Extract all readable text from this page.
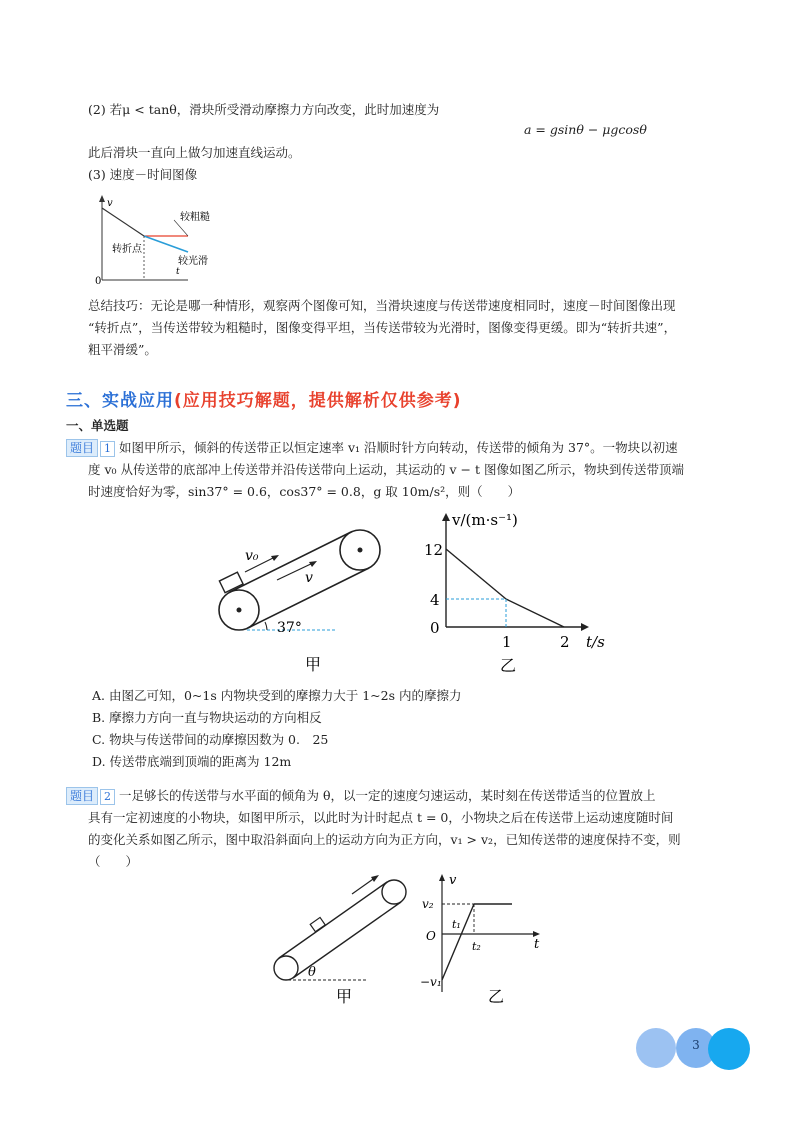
(2) 若μ < tanθ，滑块所受滑动摩擦力方向改变，此时加速度为
a = gsinθ − μgcosθ
此后滑块一直向上做匀加速直线运动。
(3) 速度－时间图像
v
0
较粗糙
转折点
较光滑
t
总结技巧：无论是哪一种情形，观察两个图像可知，当滑块速度与传送带速度相同时，速度－时间图像出现
“转折点”，当传送带较为粗糙时，图像变得平坦，当传送带较为光滑时，图像变得更缓。即为“转折共速”，
粗平滑缓”。
三、实战应用(应用技巧解题，提供解析仅供参考)
一、单选题
题目 1 如图甲所示，倾斜的传送带正以恒定速率 v₁ 沿顺时针方向转动，传送带的倾角为 37°。一物块以初速
度 v₀ 从传送带的底部冲上传送带并沿传送带向上运动，其运动的 v − t 图像如图乙所示，物块到传送带顶端
时速度恰好为零，sin37° = 0.6，cos37° = 0.8，g 取 10m/s²，则（　　）
v₀
v
37°
甲
v/(m·s⁻¹)
12
4
0
1	2 t/s
乙
A. 由图乙可知，0~1s 内物块受到的摩擦力大于 1~2s 内的摩擦力
B. 摩擦力方向一直与物块运动的方向相反
C. 物块与传送带间的动摩擦因数为 0.　25
D. 传送带底端到顶端的距离为 12m
题目 2 一足够长的传送带与水平面的倾角为 θ，以一定的速度匀速运动，某时刻在传送带适当的位置放上
具有一定初速度的小物块，如图甲所示，以此时为计时起点 t = 0，小物块之后在传送带上运动速度随时间
的变化关系如图乙所示，图中取沿斜面向上的运动方向为正方向，v₁ > v₂，已知传送带的速度保持不变，则
（　　）
θ
甲
v
v₂
O
−v₁
t₁
t₂	t
乙
3
